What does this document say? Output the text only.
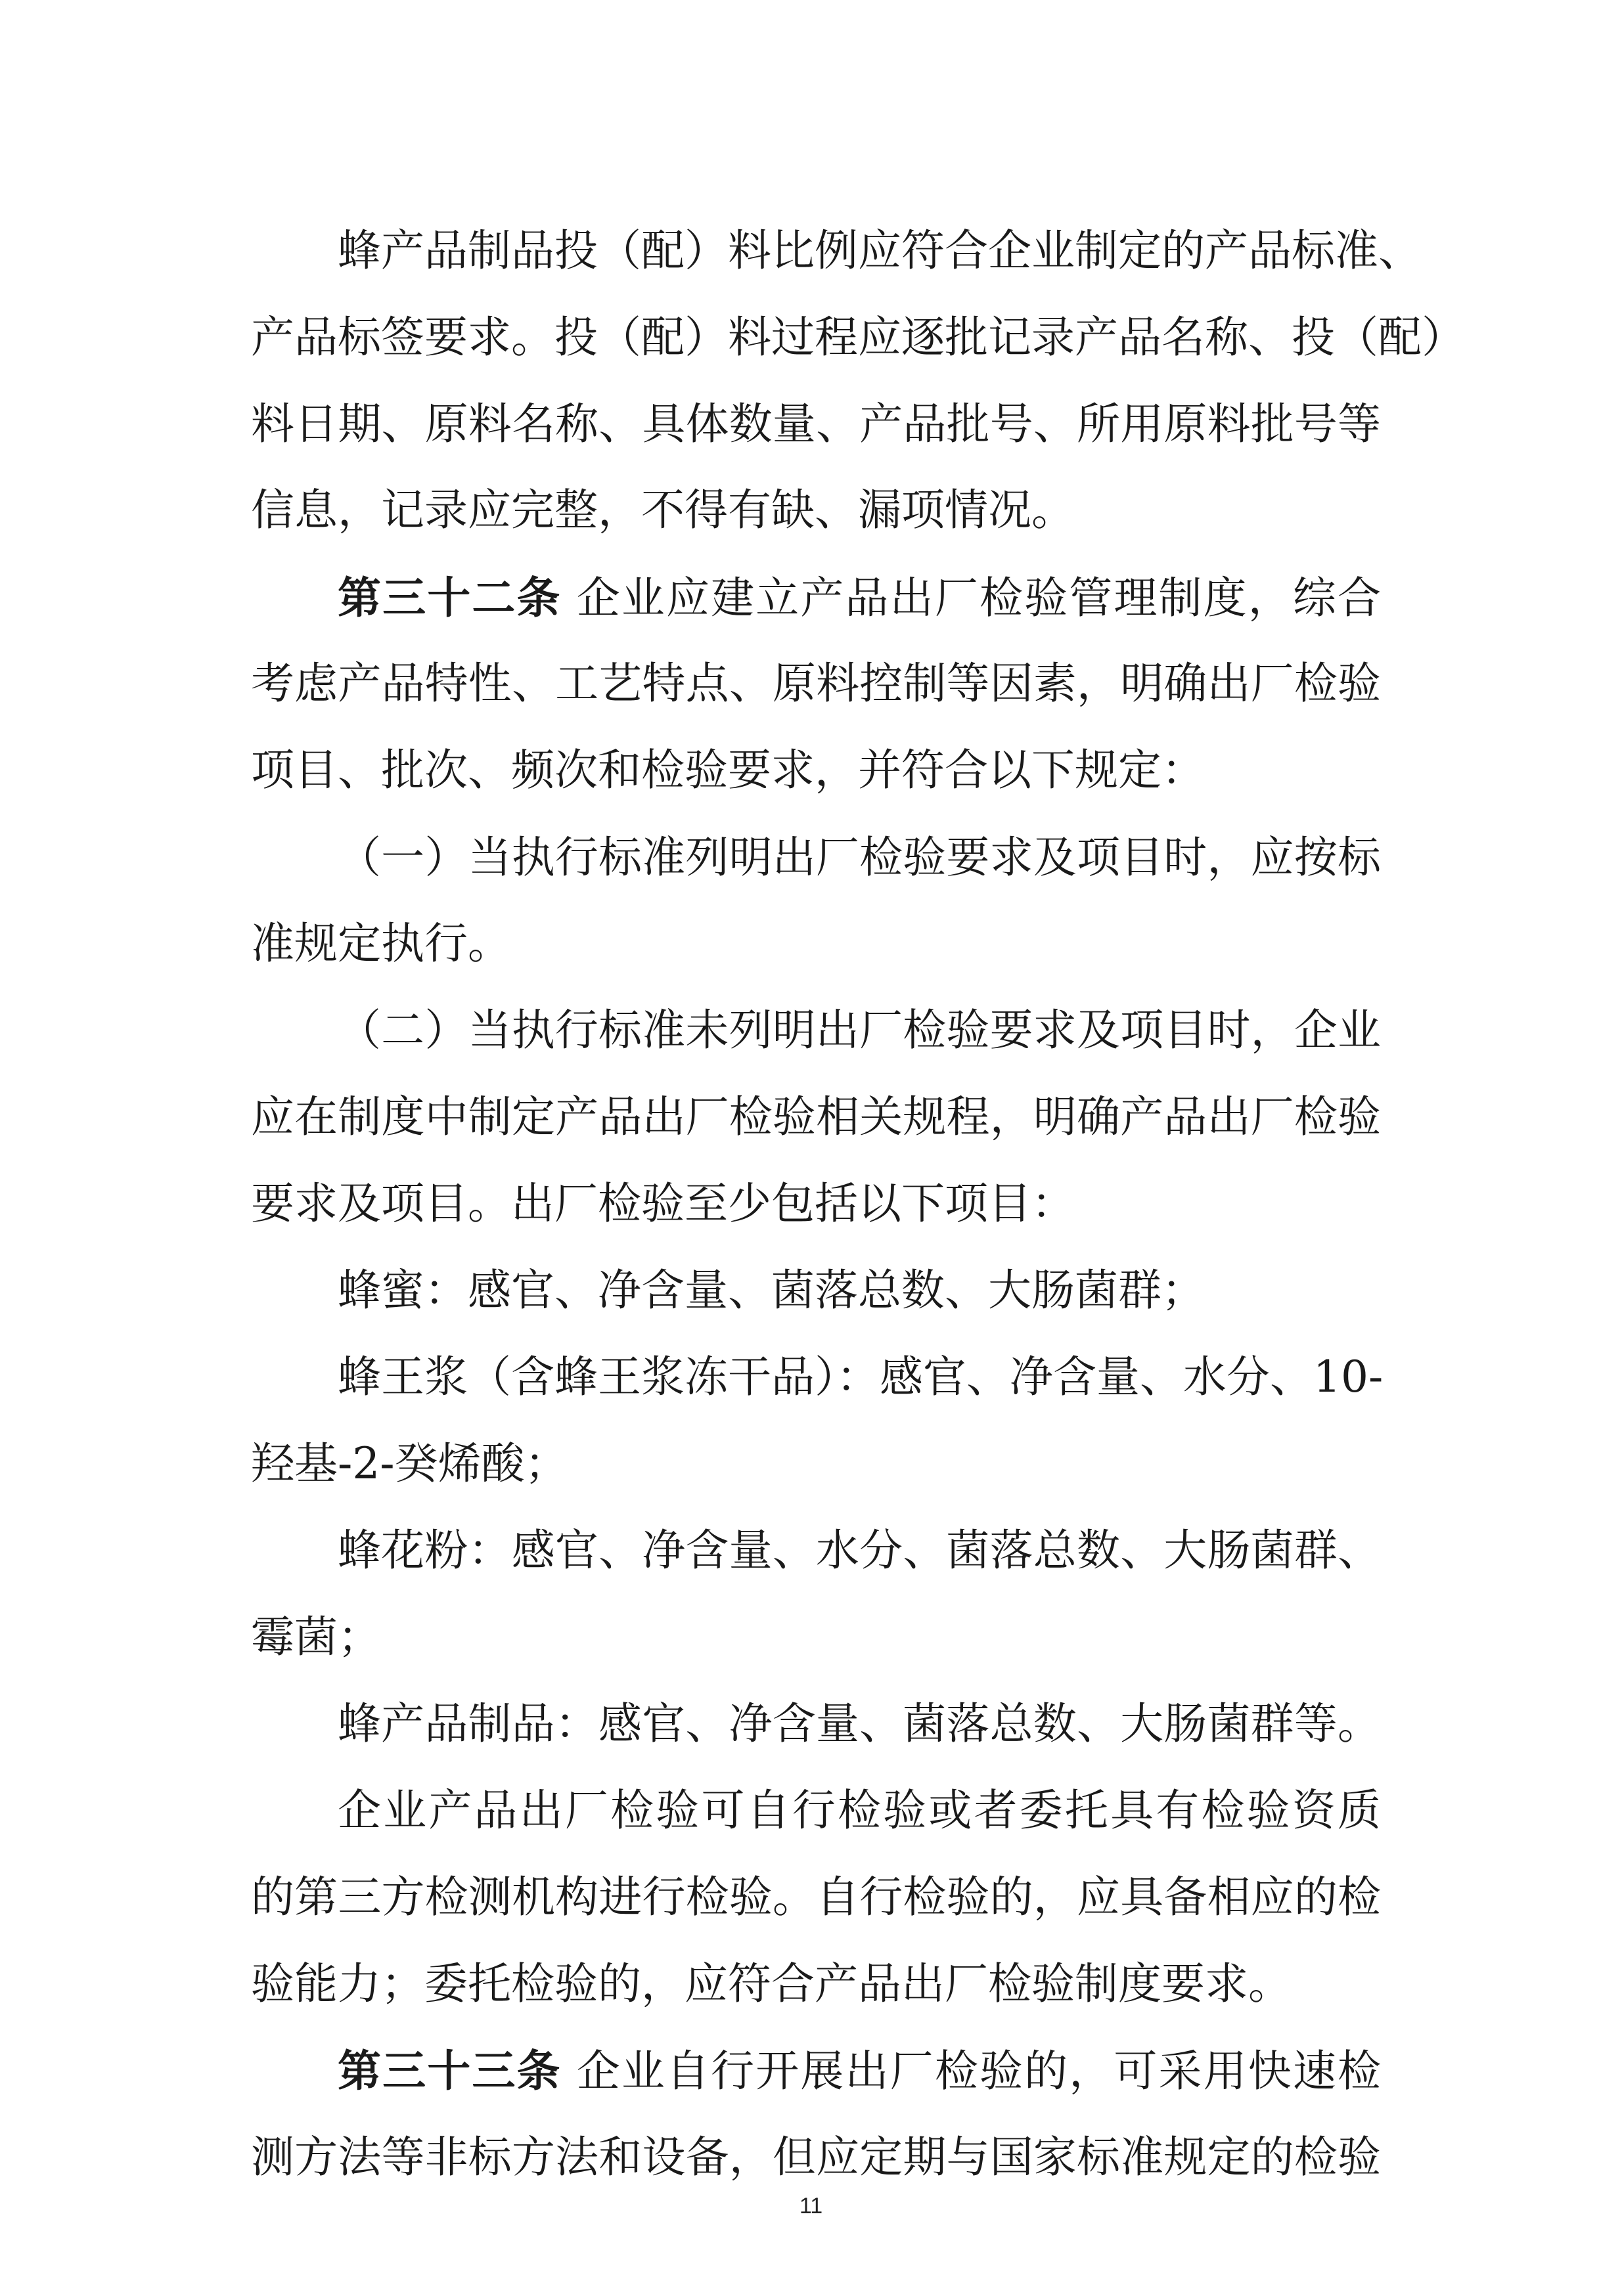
蜂产品制品投（配）料比例应符合企业制定的产品标准、
产品标签要求。投（配）料过程应逐批记录产品名称、投（配）
料日期、原料名称、具体数量、产品批号、所用原料批号等
信息，记录应完整，不得有缺、漏项情况。
第三十二条 企业应建立产品出厂检验管理制度，综合
考虑产品特性、工艺特点、原料控制等因素，明确出厂检验
项目、批次、频次和检验要求，并符合以下规定：
（一）当执行标准列明出厂检验要求及项目时，应按标
准规定执行。
（二）当执行标准未列明出厂检验要求及项目时，企业
应在制度中制定产品出厂检验相关规程，明确产品出厂检验
要求及项目。出厂检验至少包括以下项目：
蜂蜜：感官、净含量、菌落总数、大肠菌群；
蜂王浆（含蜂王浆冻干品）：感官、净含量、水分、10-
羟基-2-癸烯酸；
蜂花粉：感官、净含量、水分、菌落总数、大肠菌群、
霉菌；
蜂产品制品：感官、净含量、菌落总数、大肠菌群等。
企业产品出厂检验可自行检验或者委托具有检验资质
的第三方检测机构进行检验。自行检验的，应具备相应的检
验能力；委托检验的，应符合产品出厂检验制度要求。
第三十三条 企业自行开展出厂检验的，可采用快速检
测方法等非标方法和设备，但应定期与国家标准规定的检验
11
